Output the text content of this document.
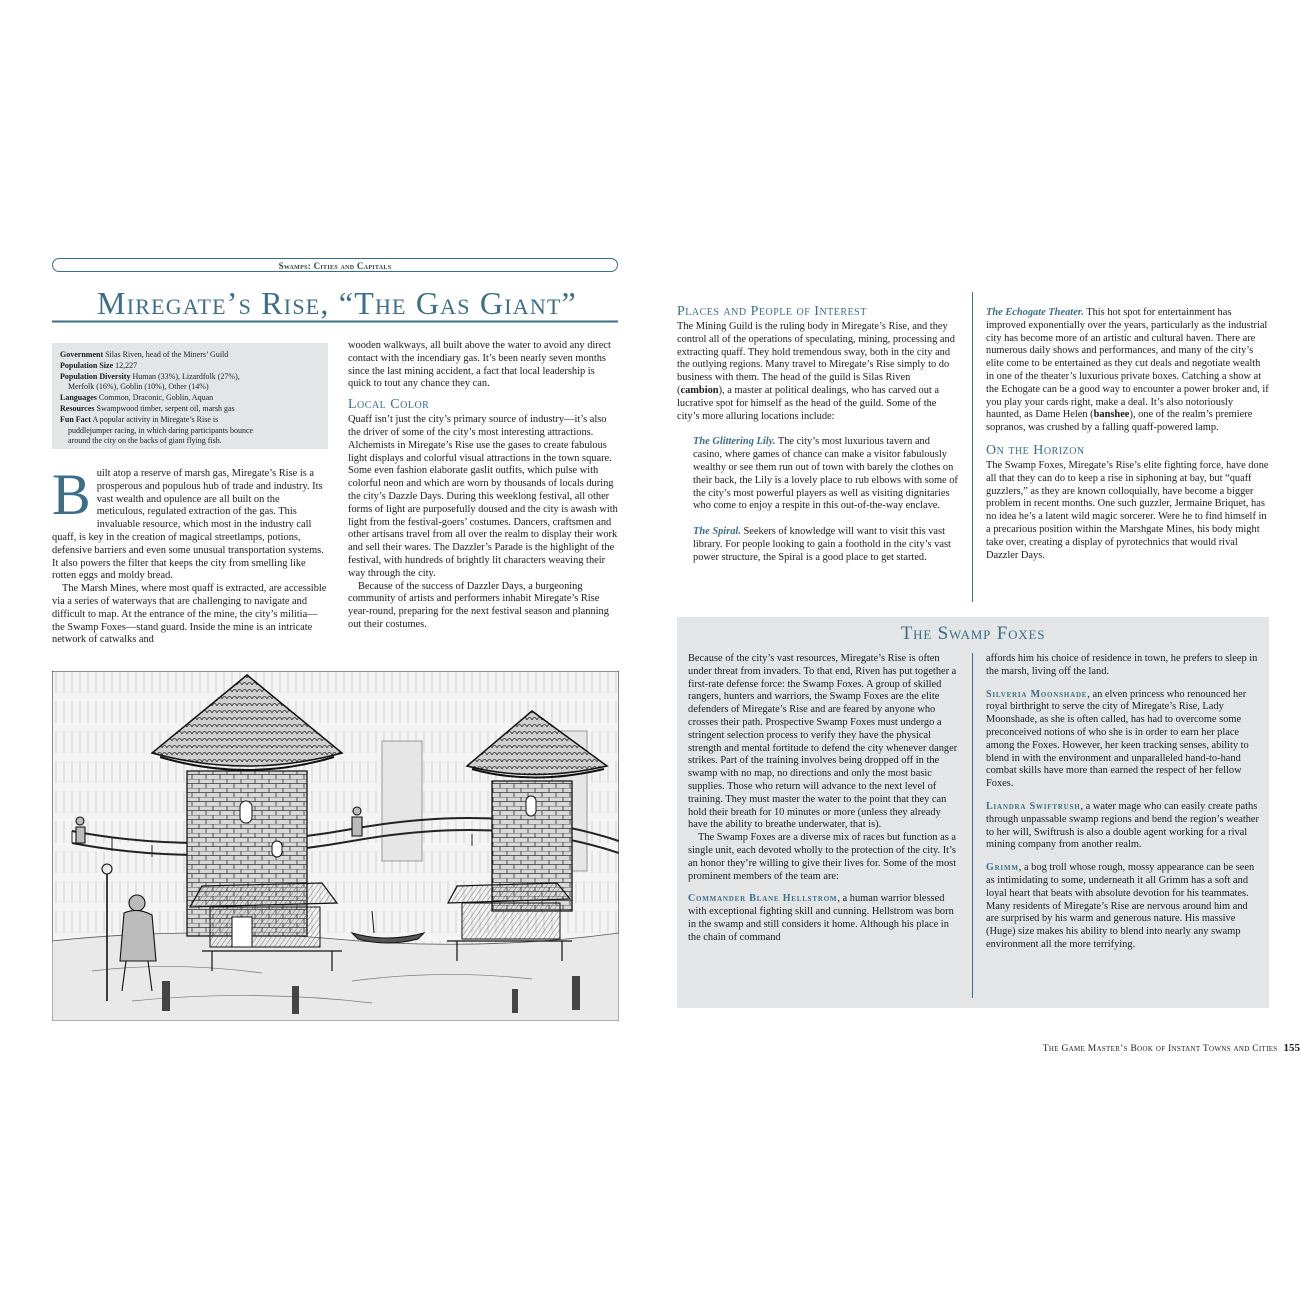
Swamps: Cities and Capitals
Miregate’s Rise, “The Gas Giant”

Government Silas Riven, head of the Miners’ Guild

Population Size 12,227

Population Diversity Human (33%), Lizardfolk (27%),

Merfolk (16%), Goblin (10%), Other (14%)

Languages Common, Draconic, Goblin, Aquan

Resources Swampwood timber, serpent oil, marsh gas

Fun Fact A popular activity in Miregate’s Rise is

puddlejumper racing, in which daring participants bounce

around the city on the backs of giant flying fish.

Built atop a reserve of marsh gas, Miregate’s Rise is a prosperous and populous hub of trade and industry. Its vast wealth and opulence are all built on the meticulous, regulated extraction of the gas. This invaluable resource, which most in the industry call quaff, is key in the creation of magical streetlamps, potions, defensive barriers and even some unusual transportation systems. It also powers the filter that keeps the city from smelling like rotten eggs and moldy bread.

The Marsh Mines, where most quaff is extracted, are accessible via a series of waterways that are challenging to navigate and difficult to map. At the entrance of the mine, the city’s militia—the Swamp Foxes—stand guard. Inside the mine is an intricate network of catwalks and

wooden walkways, all built above the water to avoid any direct contact with the incendiary gas. It’s been nearly seven months since the last mining accident, a fact that local leadership is quick to tout any chance they can.

Local Color

Quaff isn’t just the city’s primary source of industry—it’s also the driver of some of the city’s most interesting attractions. Alchemists in Miregate’s Rise use the gases to create fabulous light displays and colorful visual attractions in the town square. Some even fashion elaborate gaslit outfits, which pulse with colorful neon and which are worn by thousands of locals during the city’s Dazzle Days. During this weeklong festival, all other forms of light are purposefully doused and the city is awash with light from the festival-goers’ costumes. Dancers, craftsmen and other artisans travel from all over the realm to display their work and sell their wares. The Dazzler’s Parade is the highlight of the festival, with hundreds of brightly lit characters weaving their way through the city.

Because of the success of Dazzler Days, a burgeoning community of artists and performers inhabit Miregate’s Rise year-round, preparing for the next festival season and planning out their costumes.

Places and People of Interest

The Mining Guild is the ruling body in Miregate’s Rise, and they control all of the operations of speculating, mining, processing and extracting quaff. They hold tremendous sway, both in the city and the outlying regions. Many travel to Miregate’s Rise simply to do business with them. The head of the guild is Silas Riven (cambion), a master at political dealings, who has carved out a lucrative spot for himself as the head of the guild. Some of the city’s more alluring locations include:

The Glittering Lily. The city’s most luxurious tavern and casino, where games of chance can make a visitor fabulously wealthy or see them run out of town with barely the clothes on their back, the Lily is a lovely place to rub elbows with some of the city’s most powerful players as well as visiting dignitaries who come to enjoy a respite in this out-of-the-way enclave.

The Spiral. Seekers of knowledge will want to visit this vast library. For people looking to gain a foothold in the city’s vast power structure, the Spiral is a good place to get started.

The Echogate Theater. This hot spot for entertainment has improved exponentially over the years, particularly as the industrial city has become more of an artistic and cultural haven. There are numerous daily shows and performances, and many of the city’s elite come to be entertained as they cut deals and negotiate wealth in one of the theater’s luxurious private boxes. Catching a show at the Echogate can be a good way to encounter a power broker and, if you play your cards right, make a deal. It’s also notoriously haunted, as Dame Helen (banshee), one of the realm’s premiere sopranos, was crushed by a falling quaff-powered lamp.

On the Horizon

The Swamp Foxes, Miregate’s Rise’s elite fighting force, have done all that they can do to keep a rise in siphoning at bay, but “quaff guzzlers,” as they are known colloquially, have become a bigger problem in recent months. One such guzzler, Jermaine Briquet, has no idea he’s a latent wild magic sorcerer. Were he to find himself in a precarious position within the Marshgate Mines, his body might take over, creating a display of pyrotechnics that would rival Dazzler Days.

The Swamp Foxes

Because of the city’s vast resources, Miregate’s Rise is often under threat from invaders. To that end, Riven has put together a first-rate defense force: the Swamp Foxes. A group of skilled rangers, hunters and warriors, the Swamp Foxes are the elite defenders of Miregate’s Rise and are feared by anyone who crosses their path. Prospective Swamp Foxes must undergo a stringent selection process to verify they have the physical strength and mental fortitude to defend the city whenever danger strikes. Part of the training involves being dropped off in the swamp with no map, no directions and only the most basic supplies. Those who return will advance to the next level of training. They must master the water to the point that they can hold their breath for 10 minutes or more (unless they already have the ability to breathe underwater, that is).

The Swamp Foxes are a diverse mix of races but function as a single unit, each devoted wholly to the protection of the city. It’s an honor they’re willing to give their lives for. Some of the most prominent members of the team are:

Commander Blane Hellstrom, a human warrior blessed with exceptional fighting skill and cunning. Hellstrom was born in the swamp and still considers it home. Although his place in the chain of command

affords him his choice of residence in town, he prefers to sleep in the marsh, living off the land.

Silveria Moonshade, an elven princess who renounced her royal birthright to serve the city of Miregate’s Rise, Lady Moonshade, as she is often called, has had to overcome some preconceived notions of who she is in order to earn her place among the Foxes. However, her keen tracking senses, ability to blend in with the environment and unparalleled hand-to-hand combat skills have more than earned the respect of her fellow Foxes.

Liandra Swiftrush, a water mage who can easily create paths through unpassable swamp regions and bend the region’s weather to her will, Swiftrush is also a double agent working for a rival mining company from another realm.

Grimm, a bog troll whose rough, mossy appearance can be seen as intimidating to some, underneath it all Grimm has a soft and loyal heart that beats with absolute devotion for his teammates. Many residents of Miregate’s Rise are nervous around him and are surprised by his warm and generous nature. His massive (Huge) size makes his ability to blend into nearly any swamp environment all the more terrifying.

The Game Master’s Book of Instant Towns and Cities 155
